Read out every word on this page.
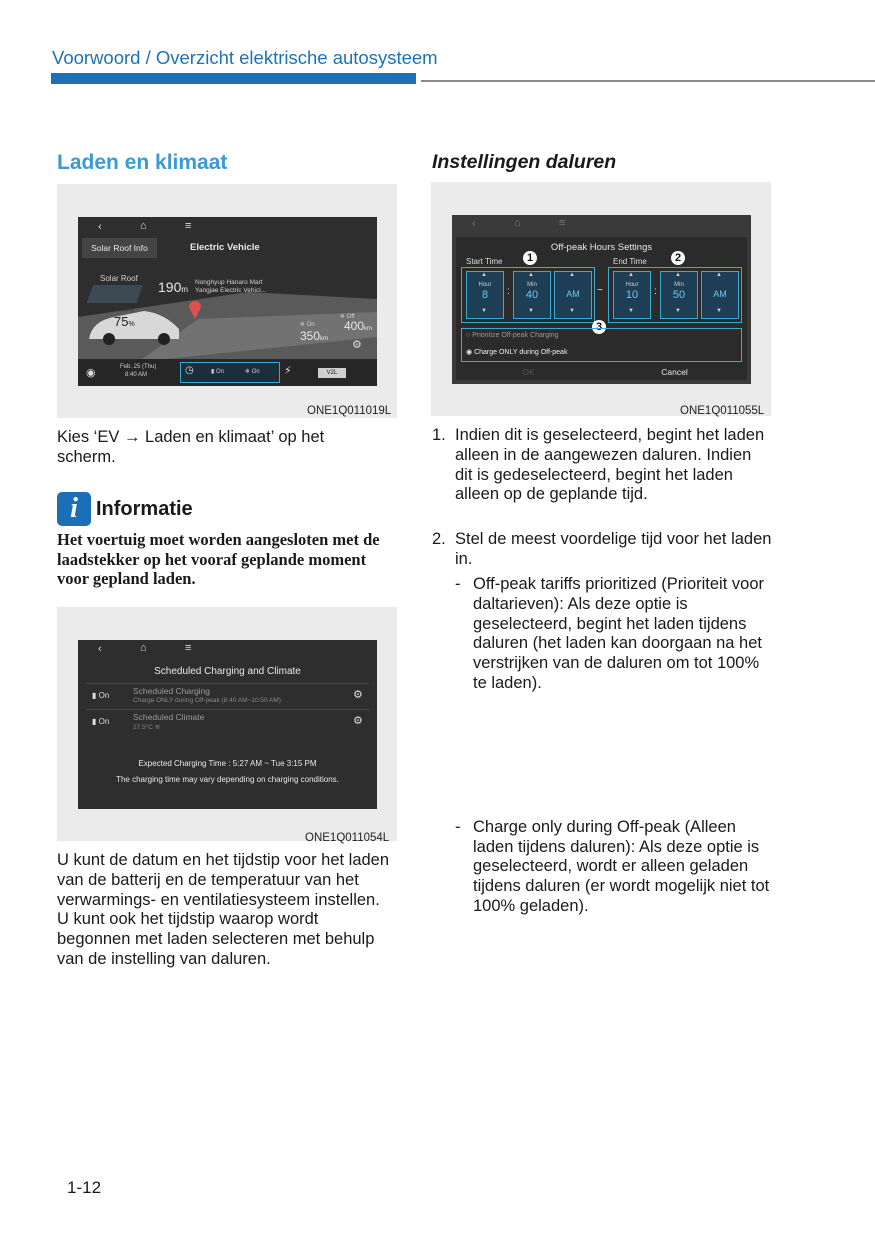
Voorwoord / Overzicht elektrische autosysteem
Laden en klimaat
‹	⌂	≡
Solar Roof Info	Electric Vehicle
Solar Roof
190m
Nonghyup Hanaro Mart
Yangjae Electric Vehicl...
Battery
75%
❄ Off
400km
❄ On
350km ⚙
◉	Feb. 25 (Thu)
8:40 AM	◷	▮ On	❄ On ⚡	V2L
ONE1Q011019L
Kies ‘EV → Laden en klimaat’ op het scherm.
i Informatie
Het voertuig moet worden aangesloten met de laadstekker op het vooraf geplande moment voor gepland laden.
‹	⌂	≡
Scheduled Charging and Climate
▮ On	Scheduled Charging
Charge ONLY during Off-peak (8:40 AM~10:50 AM)	⚙
▮ On	Scheduled Climate
27.5°C ≋
⚙
Expected Charging Time : 5:27 AM ~ Tue 3:15 PM
The charging time may vary depending on charging conditions.
ONE1Q011054L
U kunt de datum en het tijdstip voor het laden van de batterij en de temperatuur van het verwarmings- en ventilatiesysteem instellen. U kunt ook het tijdstip waarop wordt begonnen met laden selecteren met behulp van de instelling van daluren.
Instellingen daluren
‹	⌂	≡
Off-peak Hours Settings
Start Time	End Time
1	2
▲
Hour
8
▼
:
▲
Min
40
▼
▲
AM
▼
~
▲
Hour
10
▼
:
▲
Min
50
▼
▲
AM
▼
3
○ Prioritize Off-peak Charging
◉ Charge ONLY during Off-peak
OK	Cancel
ONE1Q011055L
1. Indien dit is geselecteerd, begint het laden alleen in de aangewezen daluren. Indien dit is gedeselecteerd, begint het laden alleen op de geplande tijd.
2. Stel de meest voordelige tijd voor het laden in.
- Off-peak tariffs prioritized (Prioriteit voor daltarieven): Als deze optie is geselecteerd, begint het laden tijdens daluren (het laden kan doorgaan na het verstrijken van de daluren om tot 100% te laden).
- Charge only during Off-peak (Alleen laden tijdens daluren): Als deze optie is geselecteerd, wordt er alleen geladen tijdens daluren (er wordt mogelijk niet tot 100% geladen).
1-12
